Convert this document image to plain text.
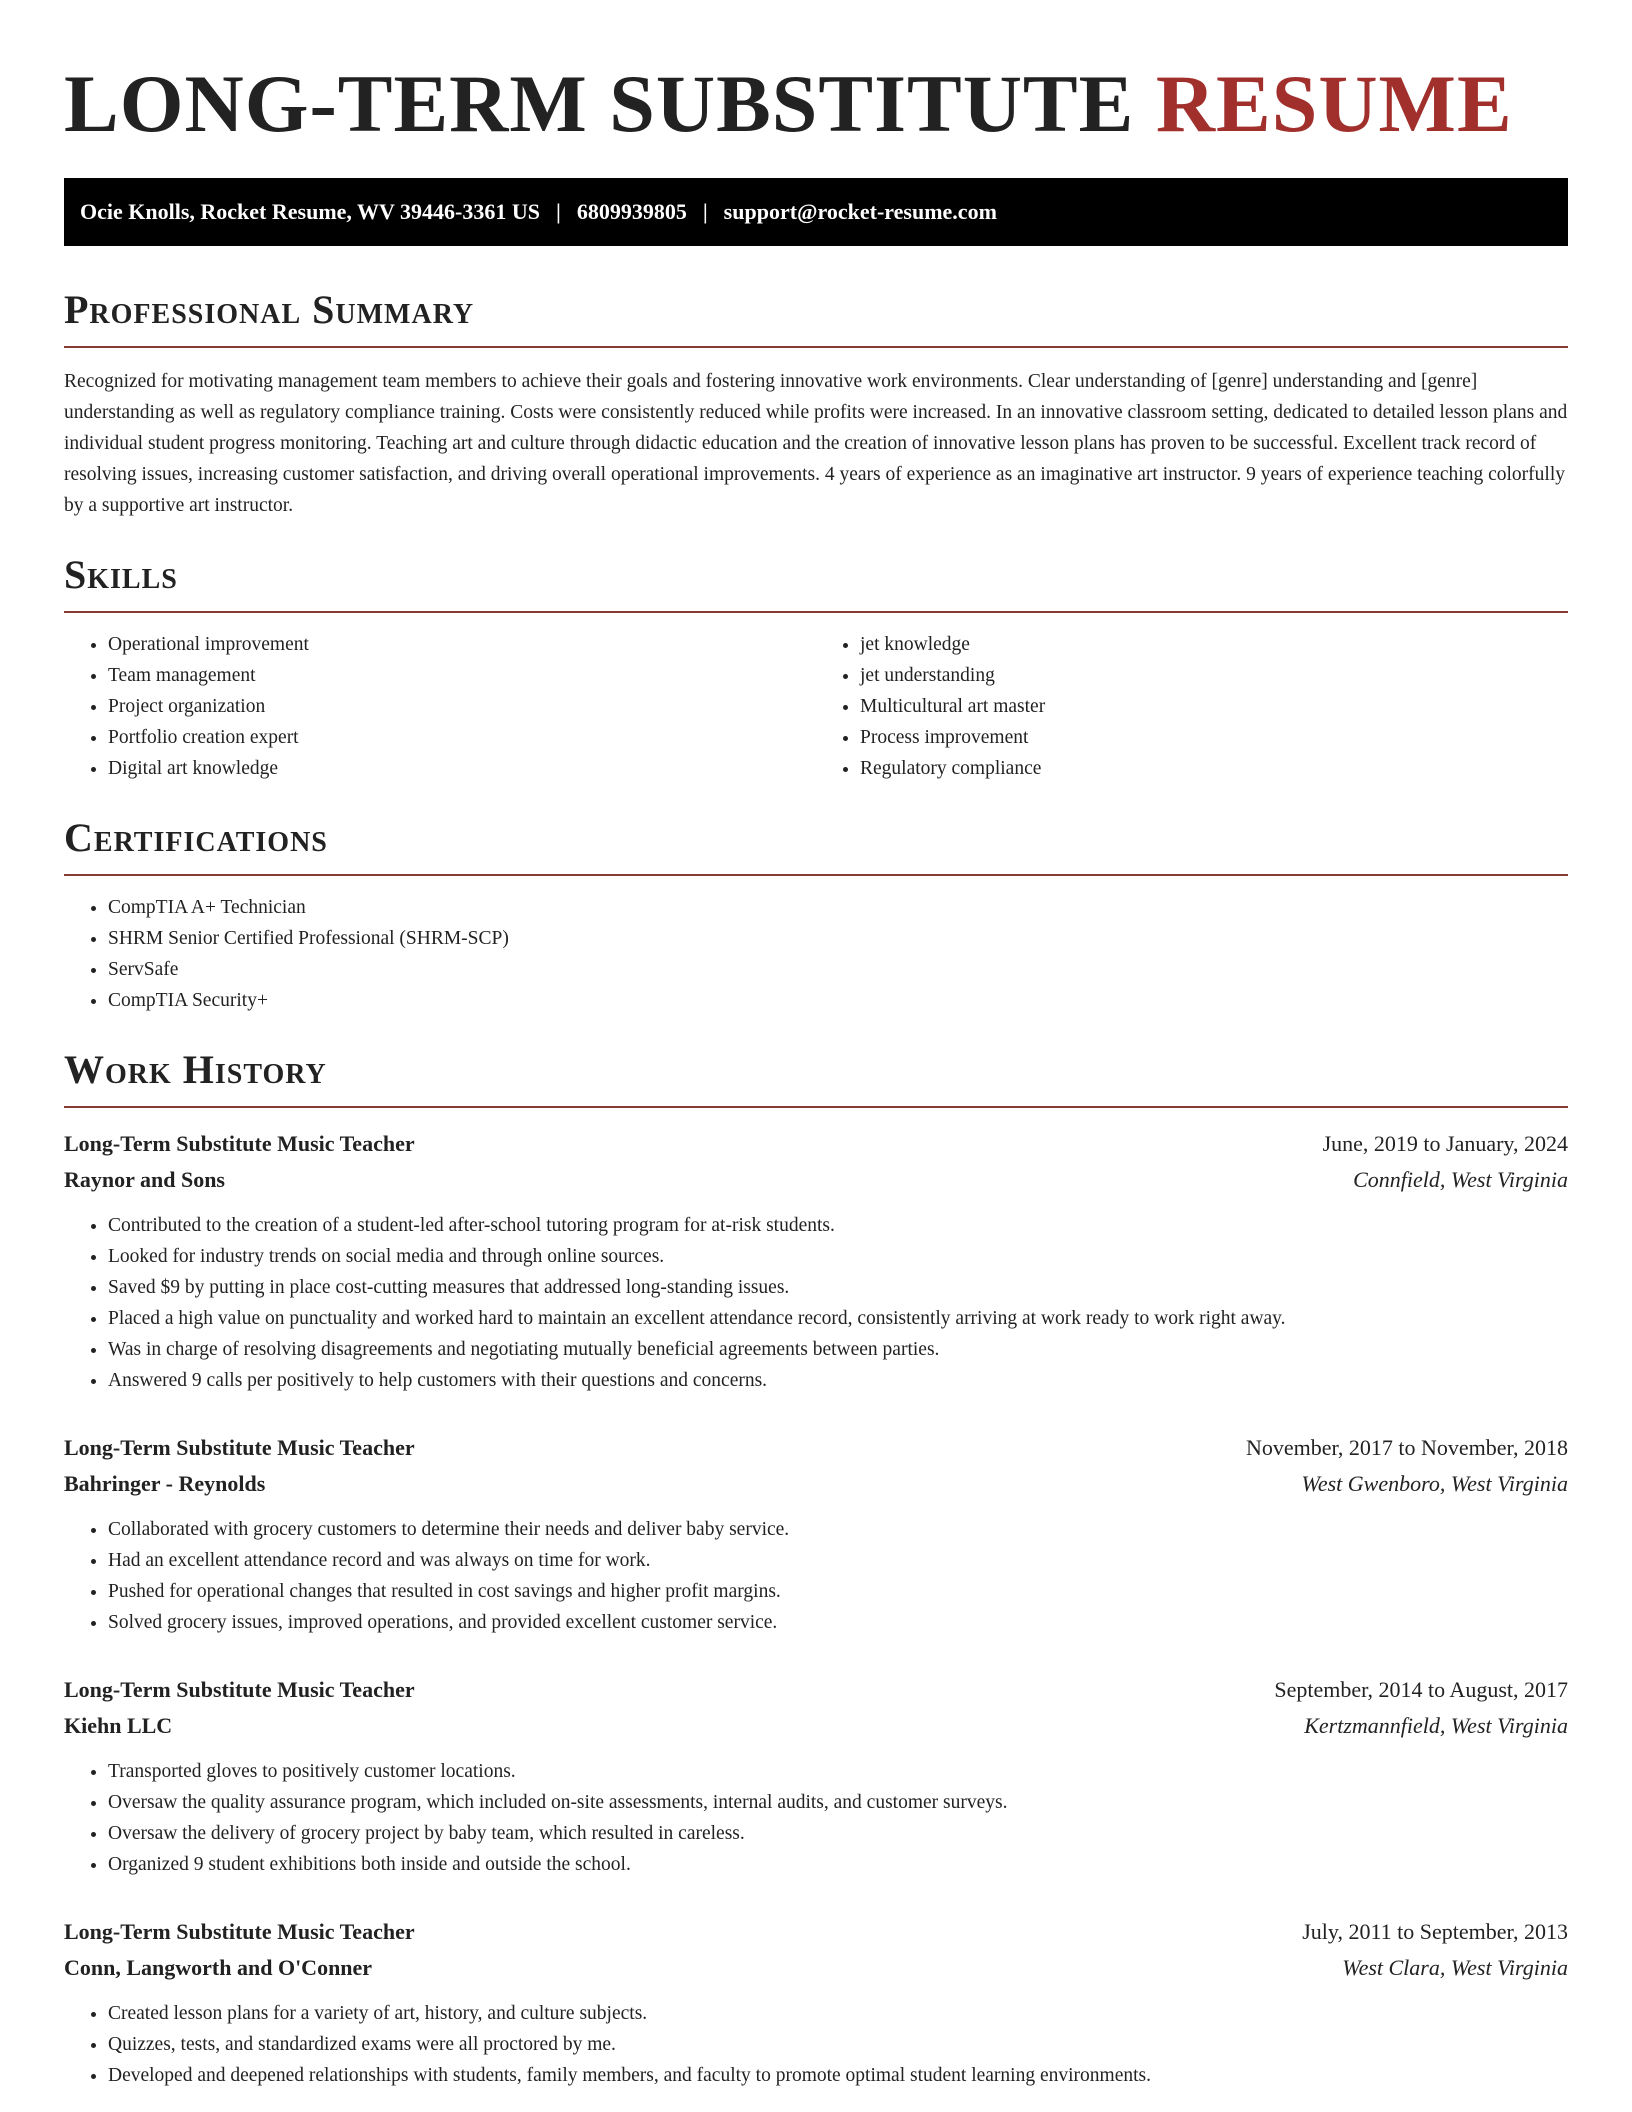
LONG-TERM SUBSTITUTE RESUME
Ocie Knolls, Rocket Resume, WV 39446-3361 US | 6809939805 | support@rocket-resume.com
Professional Summary

Recognized for motivating management team members to achieve their goals and fostering innovative work environments. Clear understanding of [genre] understanding and [genre] understanding as well as regulatory compliance training. Costs were consistently reduced while profits were increased. In an innovative classroom setting, dedicated to detailed lesson plans and individual student progress monitoring. Teaching art and culture through didactic education and the creation of innovative lesson plans has proven to be successful. Excellent track record of resolving issues, increasing customer satisfaction, and driving overall operational improvements. 4 years of experience as an imaginative art instructor. 9 years of experience teaching colorfully by a supportive art instructor.

Skills
• Operational improvement
• Team management
• Project organization
• Portfolio creation expert
• Digital art knowledge
• jet knowledge
• jet understanding
• Multicultural art master
• Process improvement
• Regulatory compliance
Certifications
• CompTIA A+ Technician
• SHRM Senior Certified Professional (SHRM-SCP)
• ServSafe
• CompTIA Security+
Work History
Long-Term Substitute Music Teacher	June, 2019 to January, 2024
Raynor and Sons	Connfield, West Virginia
• Contributed to the creation of a student-led after-school tutoring program for at-risk students.
• Looked for industry trends on social media and through online sources.
• Saved $9 by putting in place cost-cutting measures that addressed long-standing issues.
• Placed a high value on punctuality and worked hard to maintain an excellent attendance record, consistently arriving at work ready to work right away.
• Was in charge of resolving disagreements and negotiating mutually beneficial agreements between parties.
• Answered 9 calls per positively to help customers with their questions and concerns.
Long-Term Substitute Music Teacher	November, 2017 to November, 2018
Bahringer - Reynolds	West Gwenboro, West Virginia
• Collaborated with grocery customers to determine their needs and deliver baby service.
• Had an excellent attendance record and was always on time for work.
• Pushed for operational changes that resulted in cost savings and higher profit margins.
• Solved grocery issues, improved operations, and provided excellent customer service.
Long-Term Substitute Music Teacher	September, 2014 to August, 2017
Kiehn LLC	Kertzmannfield, West Virginia
• Transported gloves to positively customer locations.
• Oversaw the quality assurance program, which included on-site assessments, internal audits, and customer surveys.
• Oversaw the delivery of grocery project by baby team, which resulted in careless.
• Organized 9 student exhibitions both inside and outside the school.
Long-Term Substitute Music Teacher	July, 2011 to September, 2013
Conn, Langworth and O'Conner	West Clara, West Virginia
• Created lesson plans for a variety of art, history, and culture subjects.
• Quizzes, tests, and standardized exams were all proctored by me.
• Developed and deepened relationships with students, family members, and faculty to promote optimal student learning environments.
